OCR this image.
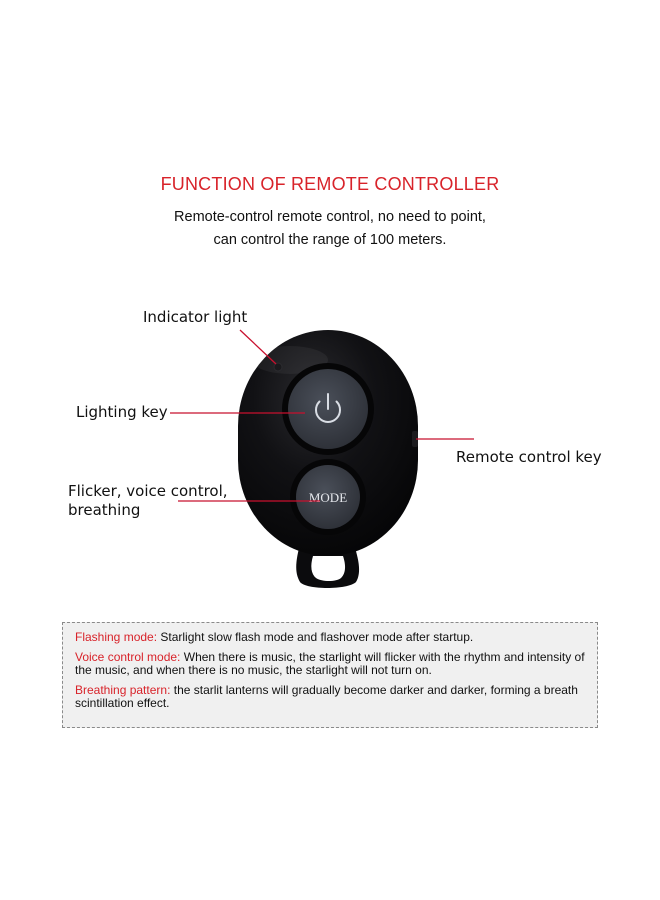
FUNCTION OF REMOTE CONTROLLER
Remote-control remote control, no need to point,
can control the range of 100 meters.
MODE
Indicator light
Lighting key
Flicker, voice control,
breathing
Remote control key
Flashing mode: Starlight slow flash mode and flashover mode after startup.
Voice control mode: When there is music, the starlight will flicker with the rhythm and intensity of the music, and when there is no music, the starlight will not turn on.
Breathing pattern: the starlit lanterns will gradually become darker and darker, forming a breath scintillation effect.
